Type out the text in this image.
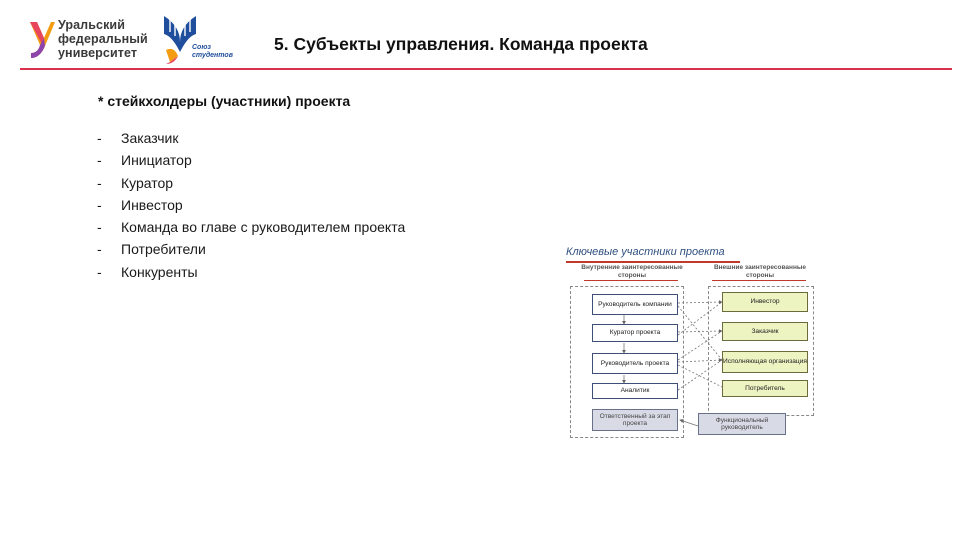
Уральский
федеральный
университет	Союз
студентов
5. Субъекты управления. Команда проекта
* стейкхолдеры (участники) проекта
-	Заказчик
-	Инициатор
-	Куратор
-	Инвестор
-	Команда во главе с руководителем проекта
-	Потребители
-	Конкуренты
Ключевые участники проекта
Внутренние заинтересованные стороны
Внешние заинтересованные стороны
Руководитель компании
Куратор проекта
Руководитель проекта
Аналитик
Ответственный за этап проекта
Инвестор
Заказчик
Исполняющая организация
Потребитель
Функциональный руководитель
